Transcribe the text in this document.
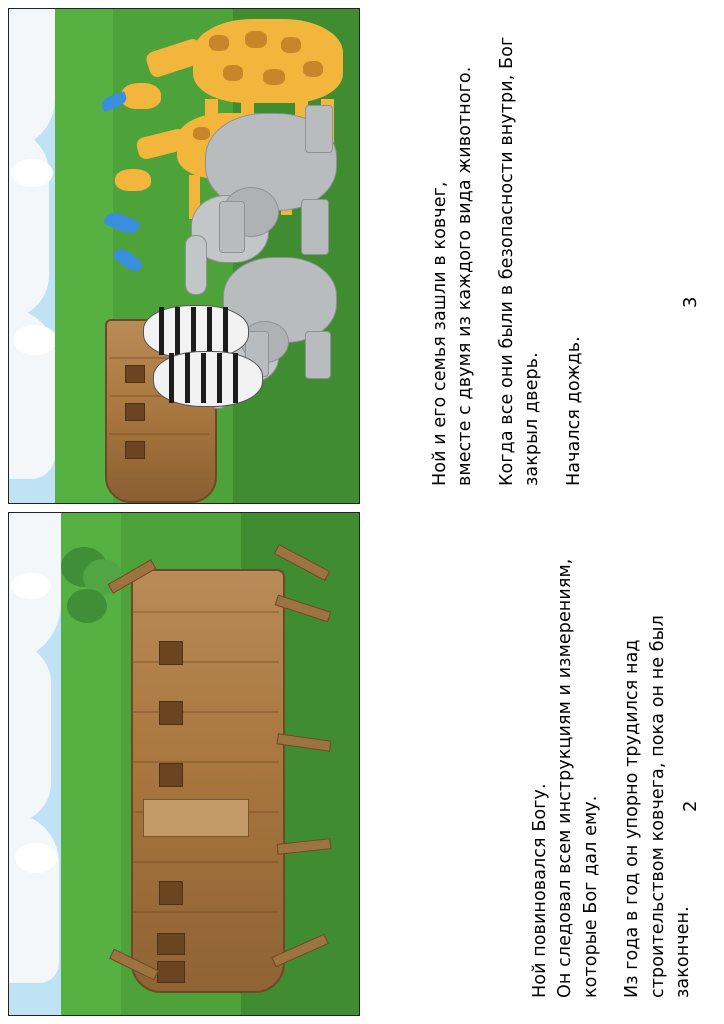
Ной повиновался Богу. Он следовал всем инструкциям и измерениям, которые Бог дал ему. Из года в год он упорно трудился над строительством ковчега, пока он не был закончен.

2

Ной и его семья зашли в ковчег, вместе с двумя из каждого вида животного. Когда все они были в безопасности внутри, Бог закрыл дверь. Начался дождь.

3
